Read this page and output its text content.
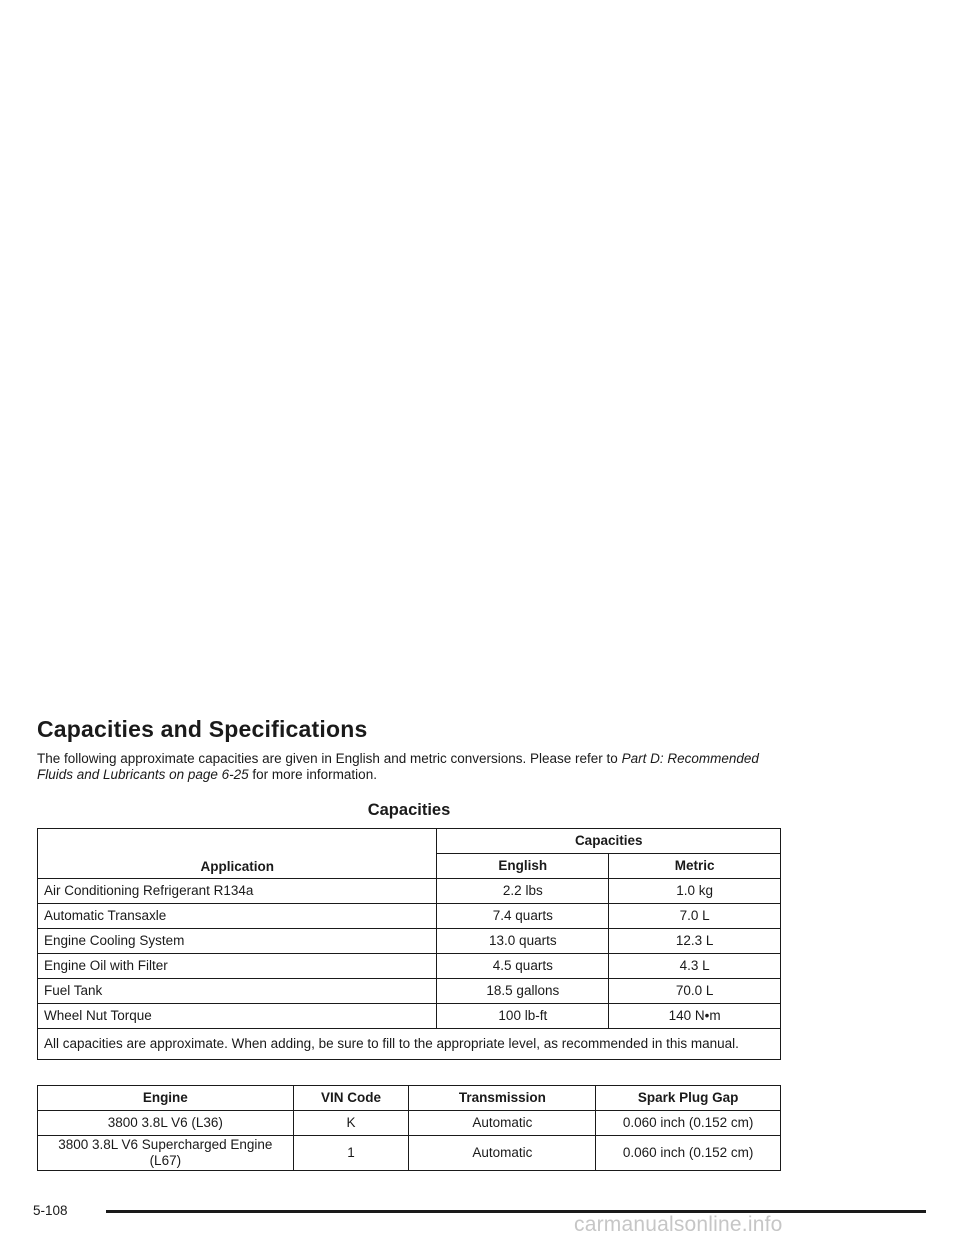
Capacities and Specifications

The following approximate capacities are given in English and metric conversions. Please refer to Part D: Recommended Fluids and Lubricants on page 6-25 for more information.

Capacities
Application	Capacities	
	English	Metric
Air Conditioning Refrigerant R134a	2.2 lbs	1.0 kg
Automatic Transaxle	7.4 quarts	7.0 L
Engine Cooling System	13.0 quarts	12.3 L
Engine Oil with Filter	4.5 quarts	4.3 L
Fuel Tank	18.5 gallons	70.0 L
Wheel Nut Torque	100 lb-ft	140 N•m
All capacities are approximate. When adding, be sure to fill to the appropriate level, as recommended in this manual.		
Engine	VIN Code	Transmission	Spark Plug Gap
3800 3.8L V6 (L36)	K	Automatic	0.060 inch (0.152 cm)
3800 3.8L V6 Supercharged Engine (L67)	1	Automatic	0.060 inch (0.152 cm)
5-108
carmanualsonline.info
